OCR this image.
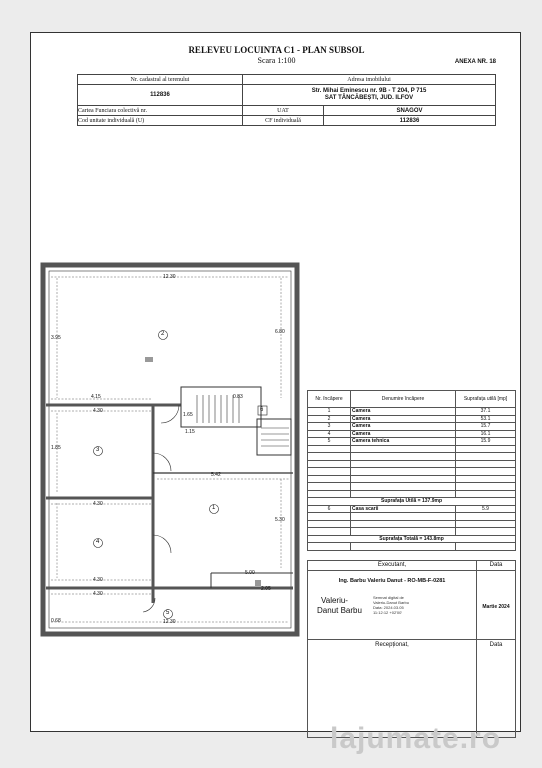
RELEVEU LOCUINTA C1 - PLAN SUBSOL
Scara 1:100	ANEXA NR. 18
Nr. cadastral al terenului	Adresa imobilului	
112836	Str. Mihai Eminescu nr. 9B - T 204, P 715
SAT TÂNCĂBEȘTI, JUD. ILFOV	

Cartea Funciara colectivă nr.	UAT	SNAGOV
Cod unitate individuală (U)	CF individuală	112836
12.30
4.15
4.30
4.30
4.30
5.42
1.65
0.83
5.00
12.30
6.80
5.30
3.95
1.85
1.15
2.05
0.68
4.30
2
3
4
1
5
6
Nr. încăpere	Denumire încăpere	Suprafața utilă [mp]
1	Camera	37.1
2	Camera	53.1
3	Camera	15.7
4	Camera	16.1
5	Camera tehnica	15.9

Suprafața Utilă = 137.9mp		
6	Casa scarii	5.9

Suprafața Totală = 143.8mp		

Executant,	Data
Ing. Barbu Valeriu Danut - RO-MB-F-0281
Valeriu-
Danut Barbu
Semnat digital de
Valeriu-Danut Barbu
Data: 2024.03.05
11:12:12 +02'00'
Martie 2024
Recepționat,	Data
lajumate.ro
